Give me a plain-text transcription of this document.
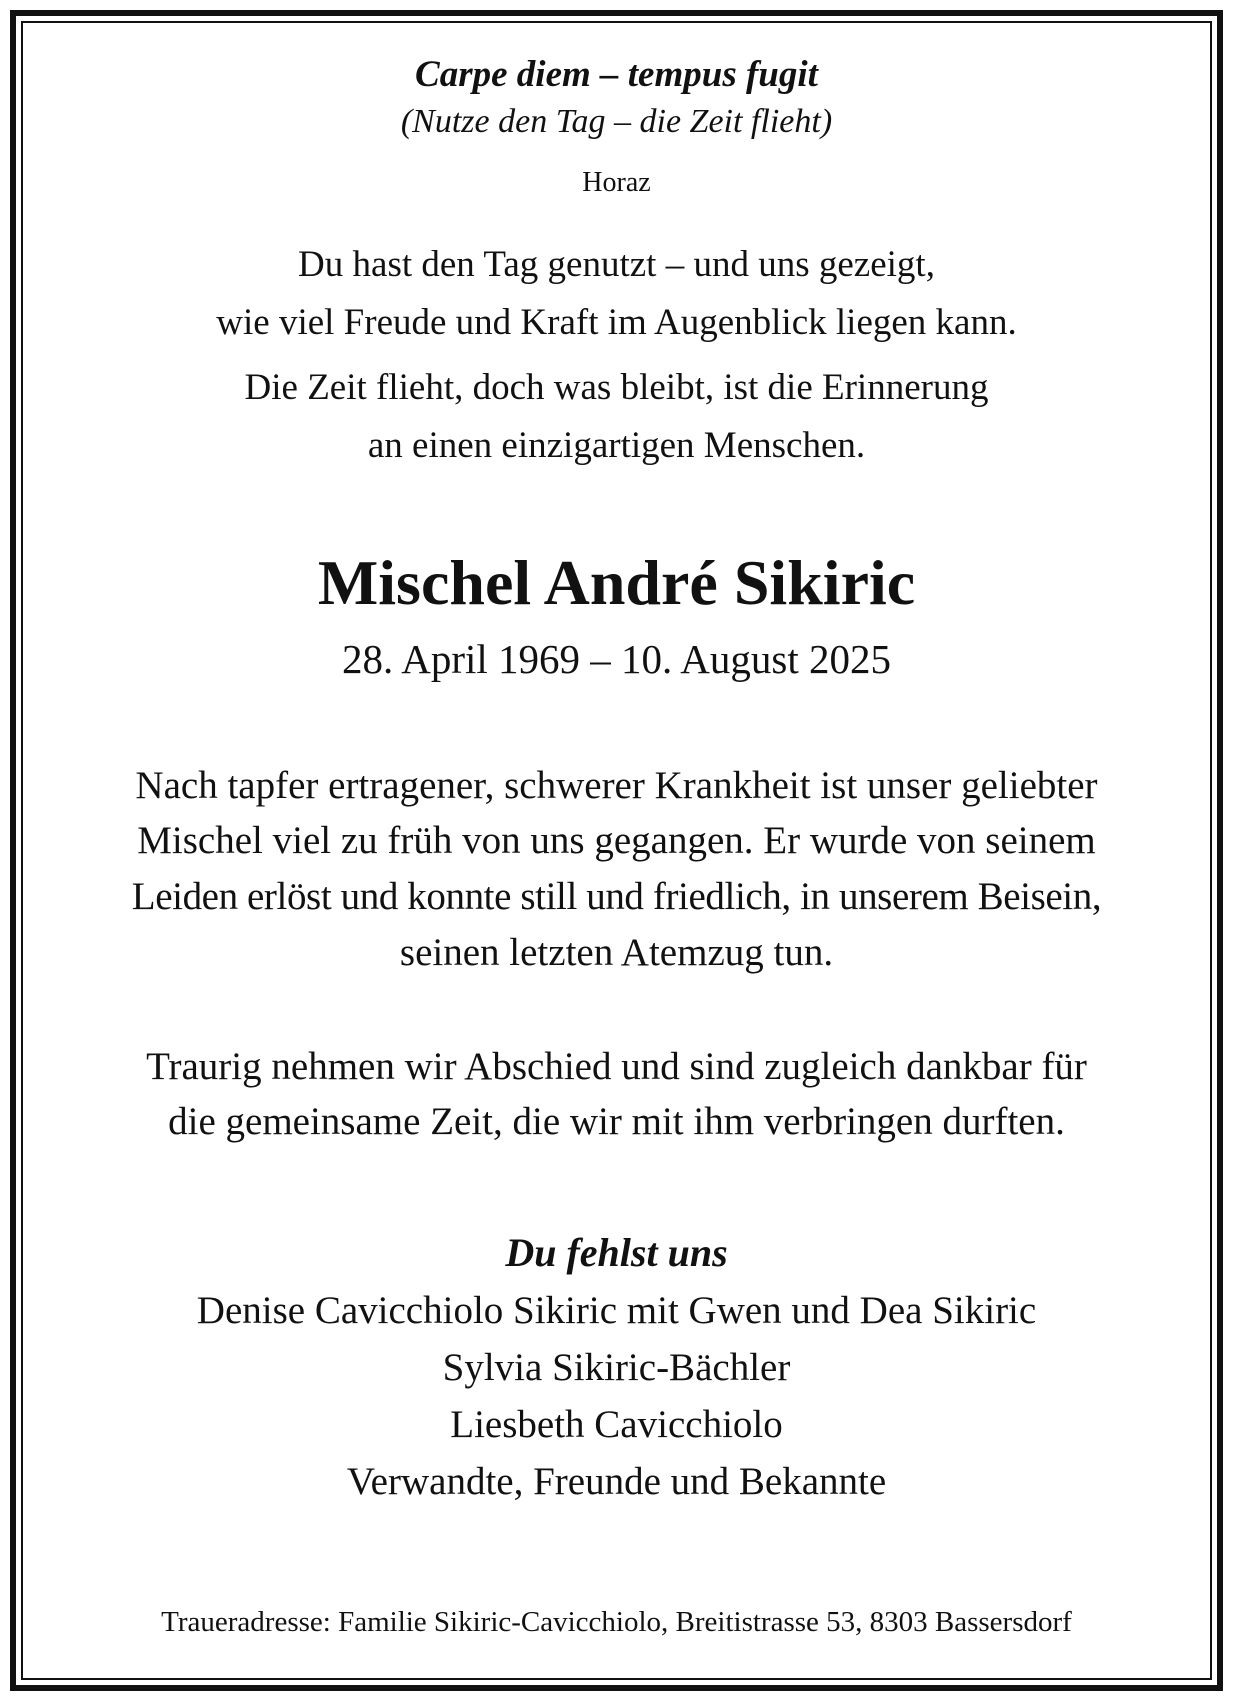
Carpe diem – tempus fugit
(Nutze den Tag – die Zeit flieht)
Horaz
Du hast den Tag genutzt – und uns gezeigt,
wie viel Freude und Kraft im Augenblick liegen kann.
Die Zeit flieht, doch was bleibt, ist die Erinnerung
an einen einzigartigen Menschen.
Mischel André Sikiric
28. April 1969 – 10. August 2025
Nach tapfer ertragener, schwerer Krankheit ist unser geliebter
Mischel viel zu früh von uns gegangen. Er wurde von seinem
Leiden erlöst und konnte still und friedlich, in unserem Beisein,
seinen letzten Atemzug tun.
Traurig nehmen wir Abschied und sind zugleich dankbar für
die gemeinsame Zeit, die wir mit ihm verbringen durften.
Du fehlst uns
Denise Cavicchiolo Sikiric mit Gwen und Dea Sikiric
Sylvia Sikiric-Bächler
Liesbeth Cavicchiolo
Verwandte, Freunde und Bekannte
Traueradresse: Familie Sikiric-Cavicchiolo, Breitistrasse 53, 8303 Bassersdorf
